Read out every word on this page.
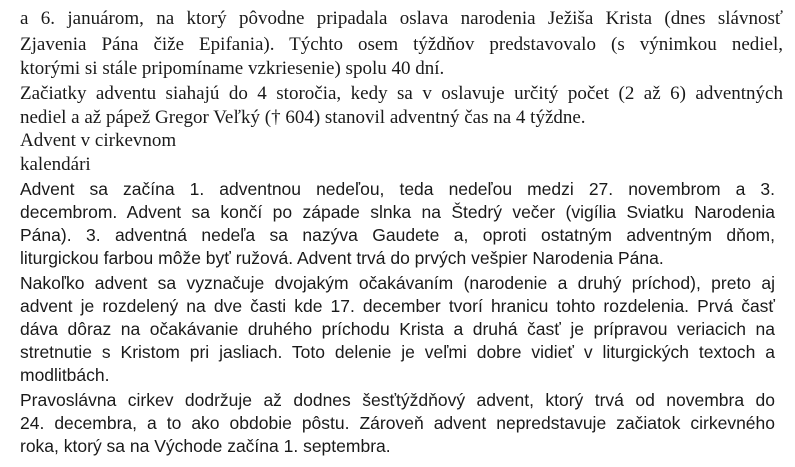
a 6. januárom, na ktorý pôvodne pripadala oslava narodenia Ježiša Krista (dnes slávnosť
Zjavenia Pána čiže Epifania). Týchto osem týždňov predstavovalo (s výnimkou nediel,
ktorými si stále pripomíname vzkriesenie) spolu 40 dní.
Začiatky adventu siahajú do 4 storočia, kedy sa v oslavuje určitý počet (2 až 6) adventných
nediel a až pápež Gregor Veľký († 604) stanovil adventný čas na 4 týždne.
Advent v cirkevnom
kalendári
Advent sa začína 1. adventnou nedeľou, teda nedeľou medzi 27. novembrom a 3.
decembrom. Advent sa končí po západe slnka na Štedrý večer (vigília Sviatku Narodenia
Pána). 3. adventná nedeľa sa nazýva Gaudete a, oproti ostatným adventným dňom,
liturgickou farbou môže byť ružová. Advent trvá do prvých vešpier Narodenia Pána.
Nakoľko advent sa vyznačuje dvojakým očakávaním (narodenie a druhý príchod), preto aj
advent je rozdelený na dve časti kde 17. december tvorí hranicu tohto rozdelenia. Prvá časť
dáva dôraz na očakávanie druhého príchodu Krista a druhá časť je prípravou veriacich na
stretnutie s Kristom pri jasliach. Toto delenie je veľmi dobre vidieť v liturgických textoch a
modlitbách.
Pravoslávna cirkev dodržuje až dodnes šesťtýždňový advent, ktorý trvá od novembra do
24. decembra, a to ako obdobie pôstu. Zároveň advent nepredstavuje začiatok cirkevného
roka, ktorý sa na Východe začína 1. septembra.
